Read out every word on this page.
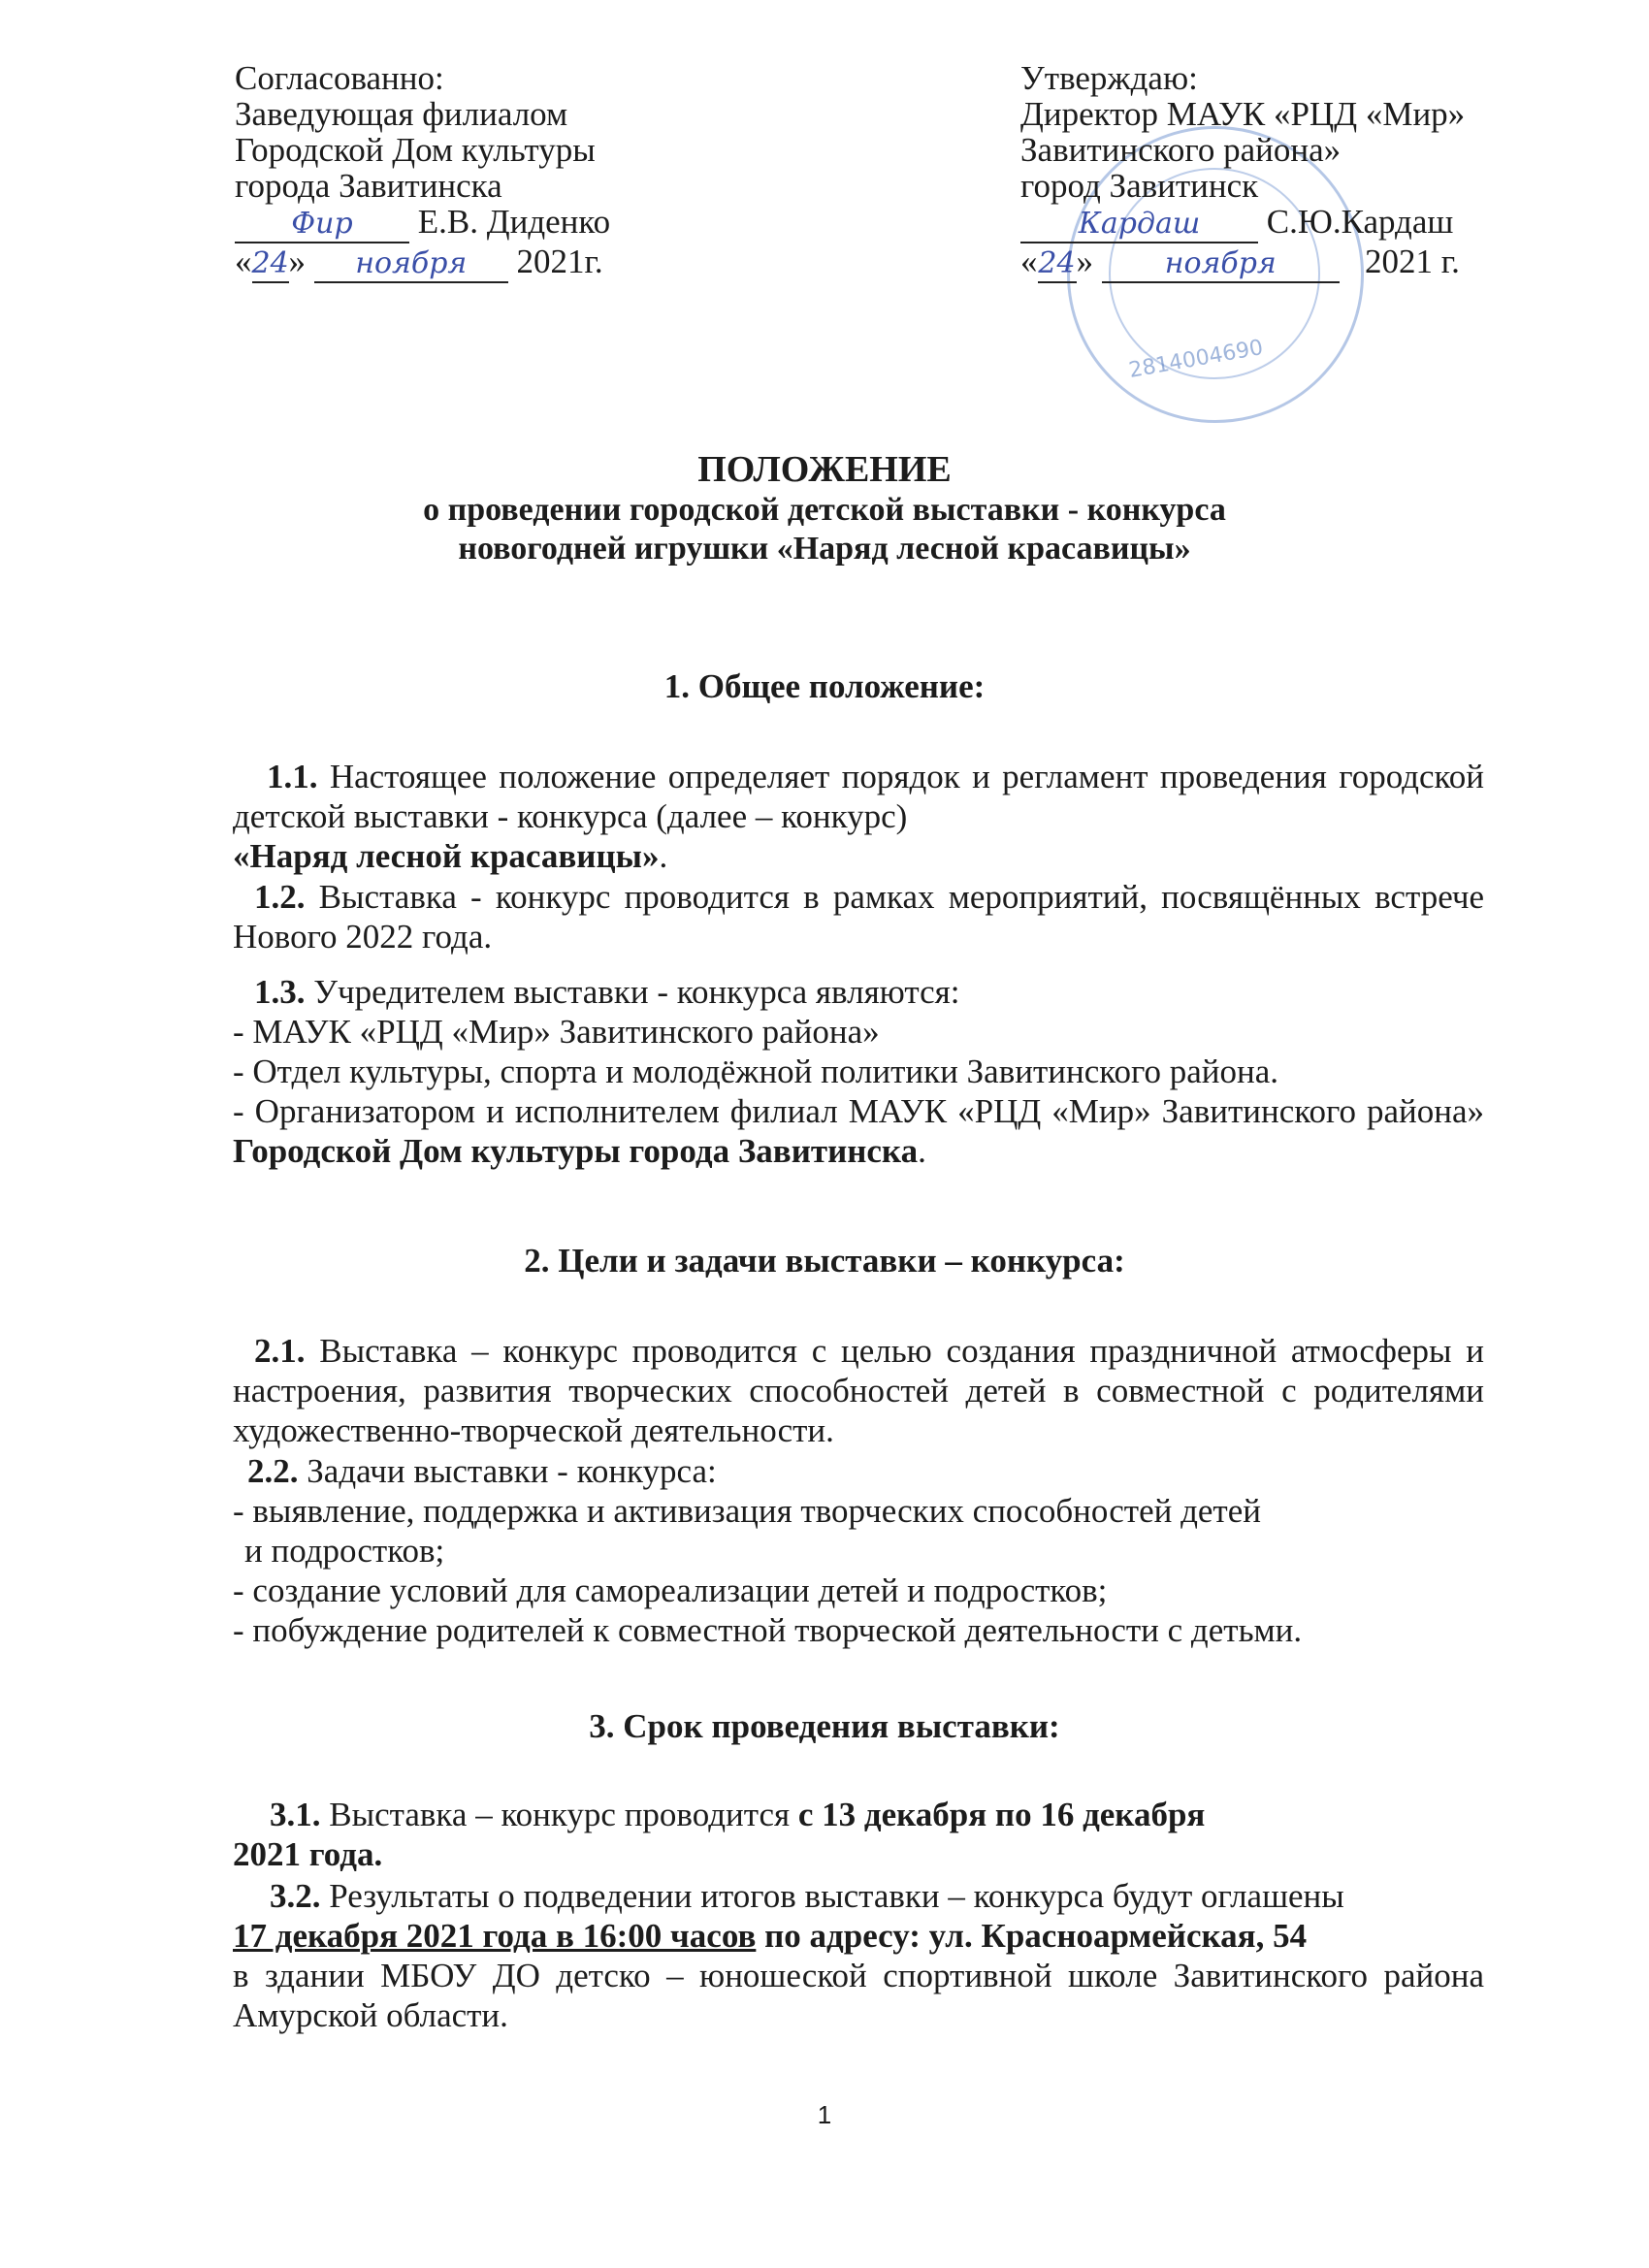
Согласованно:
Заведующая филиалом
Городской Дом культуры
города Завитинска
Фир Е.В. Диденко
«24» ноября 2021г.
2814004690
Утверждаю:
Директор МАУК «РЦД «Мир»
Завитинского района»
город Завитинск
Кардаш С.Ю.Кардаш
«24» ноября	2021 г.
ПОЛОЖЕНИЕ
о проведении городской детской выставки - конкурса
новогодней игрушки «Наряд лесной красавицы»
1. Общее положение:
1.1. Настоящее положение определяет порядок и регламент проведения городской детской выставки - конкурса (далее – конкурс)
«Наряд лесной красавицы».
1.2. Выставка - конкурс проводится в рамках мероприятий, посвящённых встрече Нового 2022 года.
1.3. Учредителем выставки - конкурса являются:
- МАУК «РЦД «Мир» Завитинского района»
- Отдел культуры, спорта и молодёжной политики Завитинского района.
- Организатором и исполнителем филиал МАУК «РЦД «Мир» Завитинского района» Городской Дом культуры города Завитинска.
2. Цели и задачи выставки – конкурса:
2.1. Выставка – конкурс проводится с целью создания праздничной атмосферы и настроения, развития творческих способностей детей в совместной с родителями художественно-творческой деятельности.
2.2. Задачи выставки - конкурса:
- выявление, поддержка и активизация творческих способностей детей
и подростков;
- создание условий для самореализации детей и подростков;
- побуждение родителей к совместной творческой деятельности с детьми.
3. Срок проведения выставки:
3.1. Выставка – конкурс проводится с 13 декабря по 16 декабря
2021 года.
3.2. Результаты о подведении итогов выставки – конкурса будут оглашены
17 декабря 2021 года в 16:00 часов по адресу: ул. Красноармейская, 54
в здании МБОУ ДО детско – юношеской спортивной школе Завитинского района Амурской области.
1
